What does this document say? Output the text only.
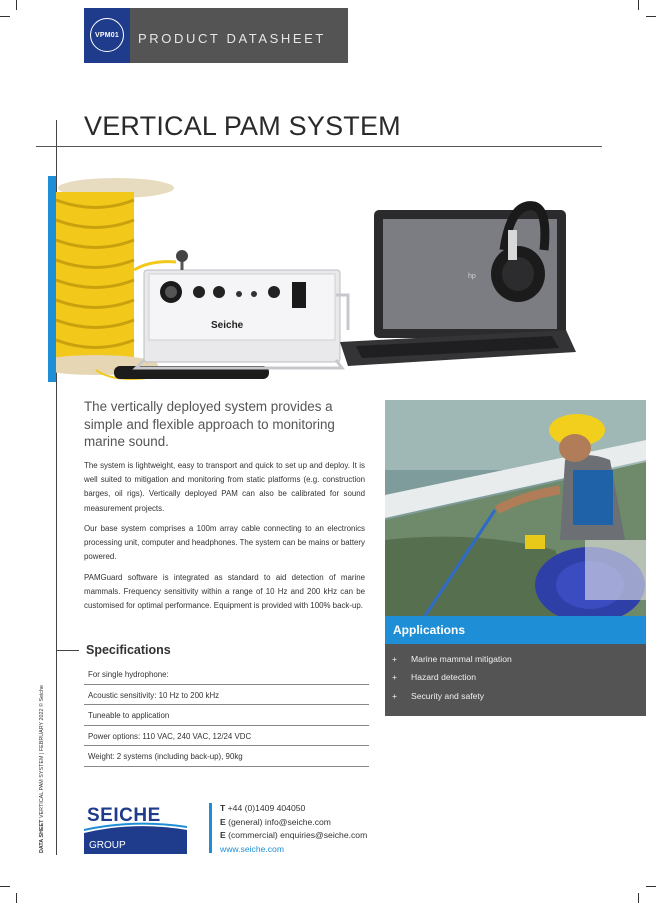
VPM01	PRODUCT DATASHEET
VERTICAL PAM SYSTEM
Seiche
hp
The vertically deployed system provides a simple and flexible approach to monitoring marine sound.
The system is lightweight, easy to transport and quick to set up and deploy. It is well suited to mitigation and monitoring from static platforms (e.g. construction barges, oil rigs). Vertically deployed PAM can also be calibrated for sound measurement projects.
Our base system comprises a 100m array cable connecting to an electronics processing unit, computer and headphones. The system can be mains or battery powered.
PAMGuard software is integrated as standard to aid detection of marine mammals. Frequency sensitivity within a range of 10 Hz and 200 kHz can be customised for optimal performance. Equipment is provided with 100% back-up.
Specifications
For single hydrophone:
Acoustic sensitivity: 10 Hz to 200 kHz
Tuneable to application
Power options: 110 VAC, 240 VAC, 12/24 VDC
Weight: 2 systems (including back-up), 90kg
Applications
+ Marine mammal mitigation
+ Hazard detection
+ Security and safety
DATA SHEET VERTICAL PAM SYSTEM | FEBRUARY 2022 © Seiche SEICHE
GROUP
T +44 (0)1409 404050
E (general) info@seiche.com
E (commercial) enquiries@seiche.com
www.seiche.com
